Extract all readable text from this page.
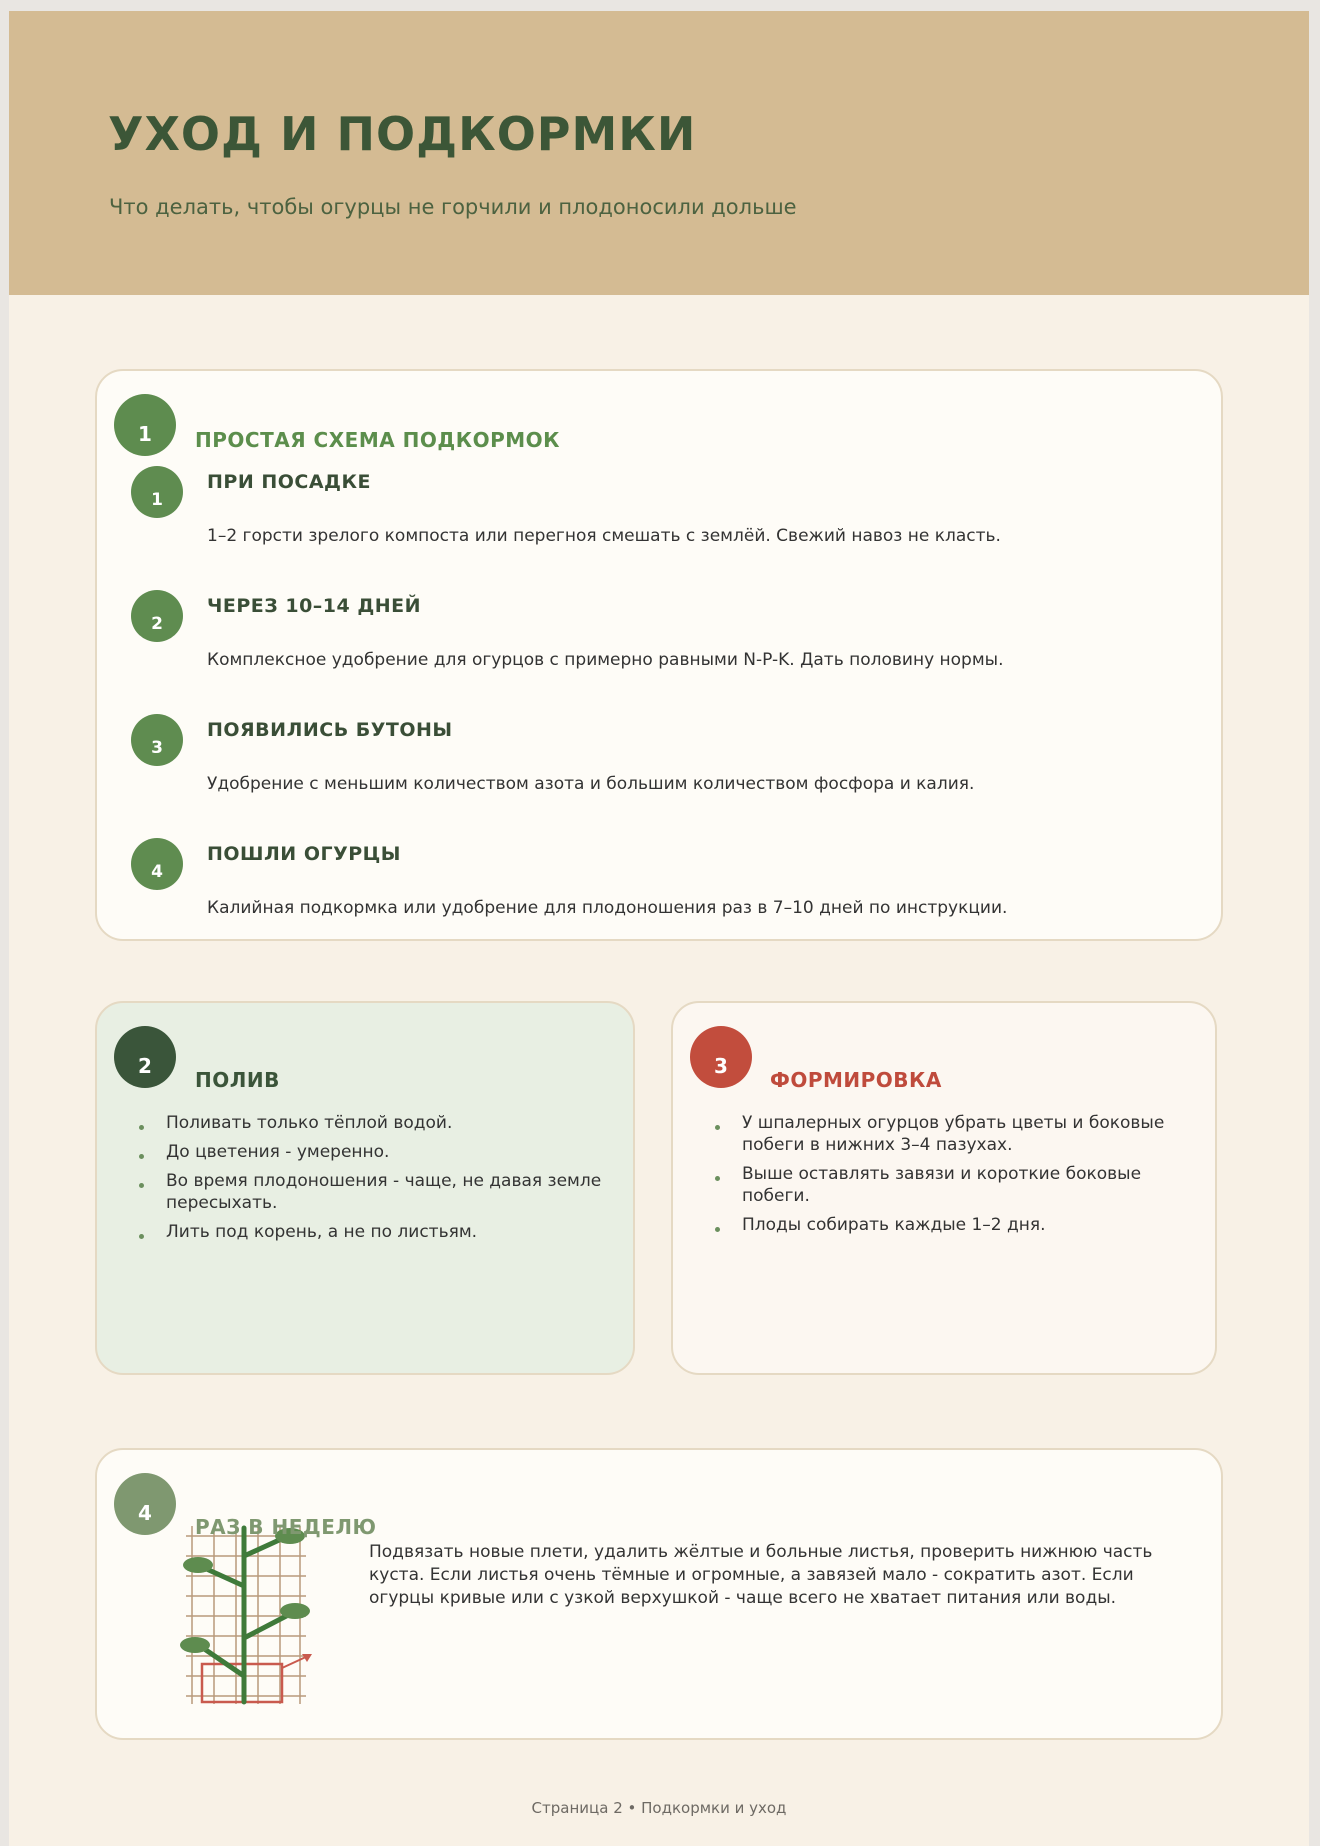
УХОД И ПОДКОРМКИ

Что делать, чтобы огурцы не горчили и плодоносили дольше

1	ПРОСТАЯ СХЕМА ПОДКОРМОК
1
ПРИ ПОСАДКЕ

1–2 горсти зрелого компоста или перегноя смешать с землёй. Свежий навоз не класть.

2
ЧЕРЕЗ 10–14 ДНЕЙ

Комплексное удобрение для огурцов с примерно равными N-P-K. Дать половину нормы.

3
ПОЯВИЛИСЬ БУТОНЫ

Удобрение с меньшим количеством азота и большим количеством фосфора и калия.

4
ПОШЛИ ОГУРЦЫ

Калийная подкормка или удобрение для плодоношения раз в 7–10 дней по инструкции.

2
ПОЛИВ
Поливать только тёплой водой.
До цветения - умеренно.
Во время плодоношения - чаще, не давая земле пересыхать.
Лить под корень, а не по листьям.
3
ФОРМИРОВКА
У шпалерных огурцов убрать цветы и боковые побеги в нижних 3–4 пазухах.
Выше оставлять завязи и короткие боковые побеги.
Плоды собирать каждые 1–2 дня.
4
РАЗ В НЕДЕЛЮ

Подвязать новые плети, удалить жёлтые и больные листья, проверить нижнюю часть куста. Если листья очень тёмные и огромные, а завязей мало - сократить азот. Если огурцы кривые или с узкой верхушкой - чаще всего не хватает питания или воды.

Страница 2 • Подкормки и уход
